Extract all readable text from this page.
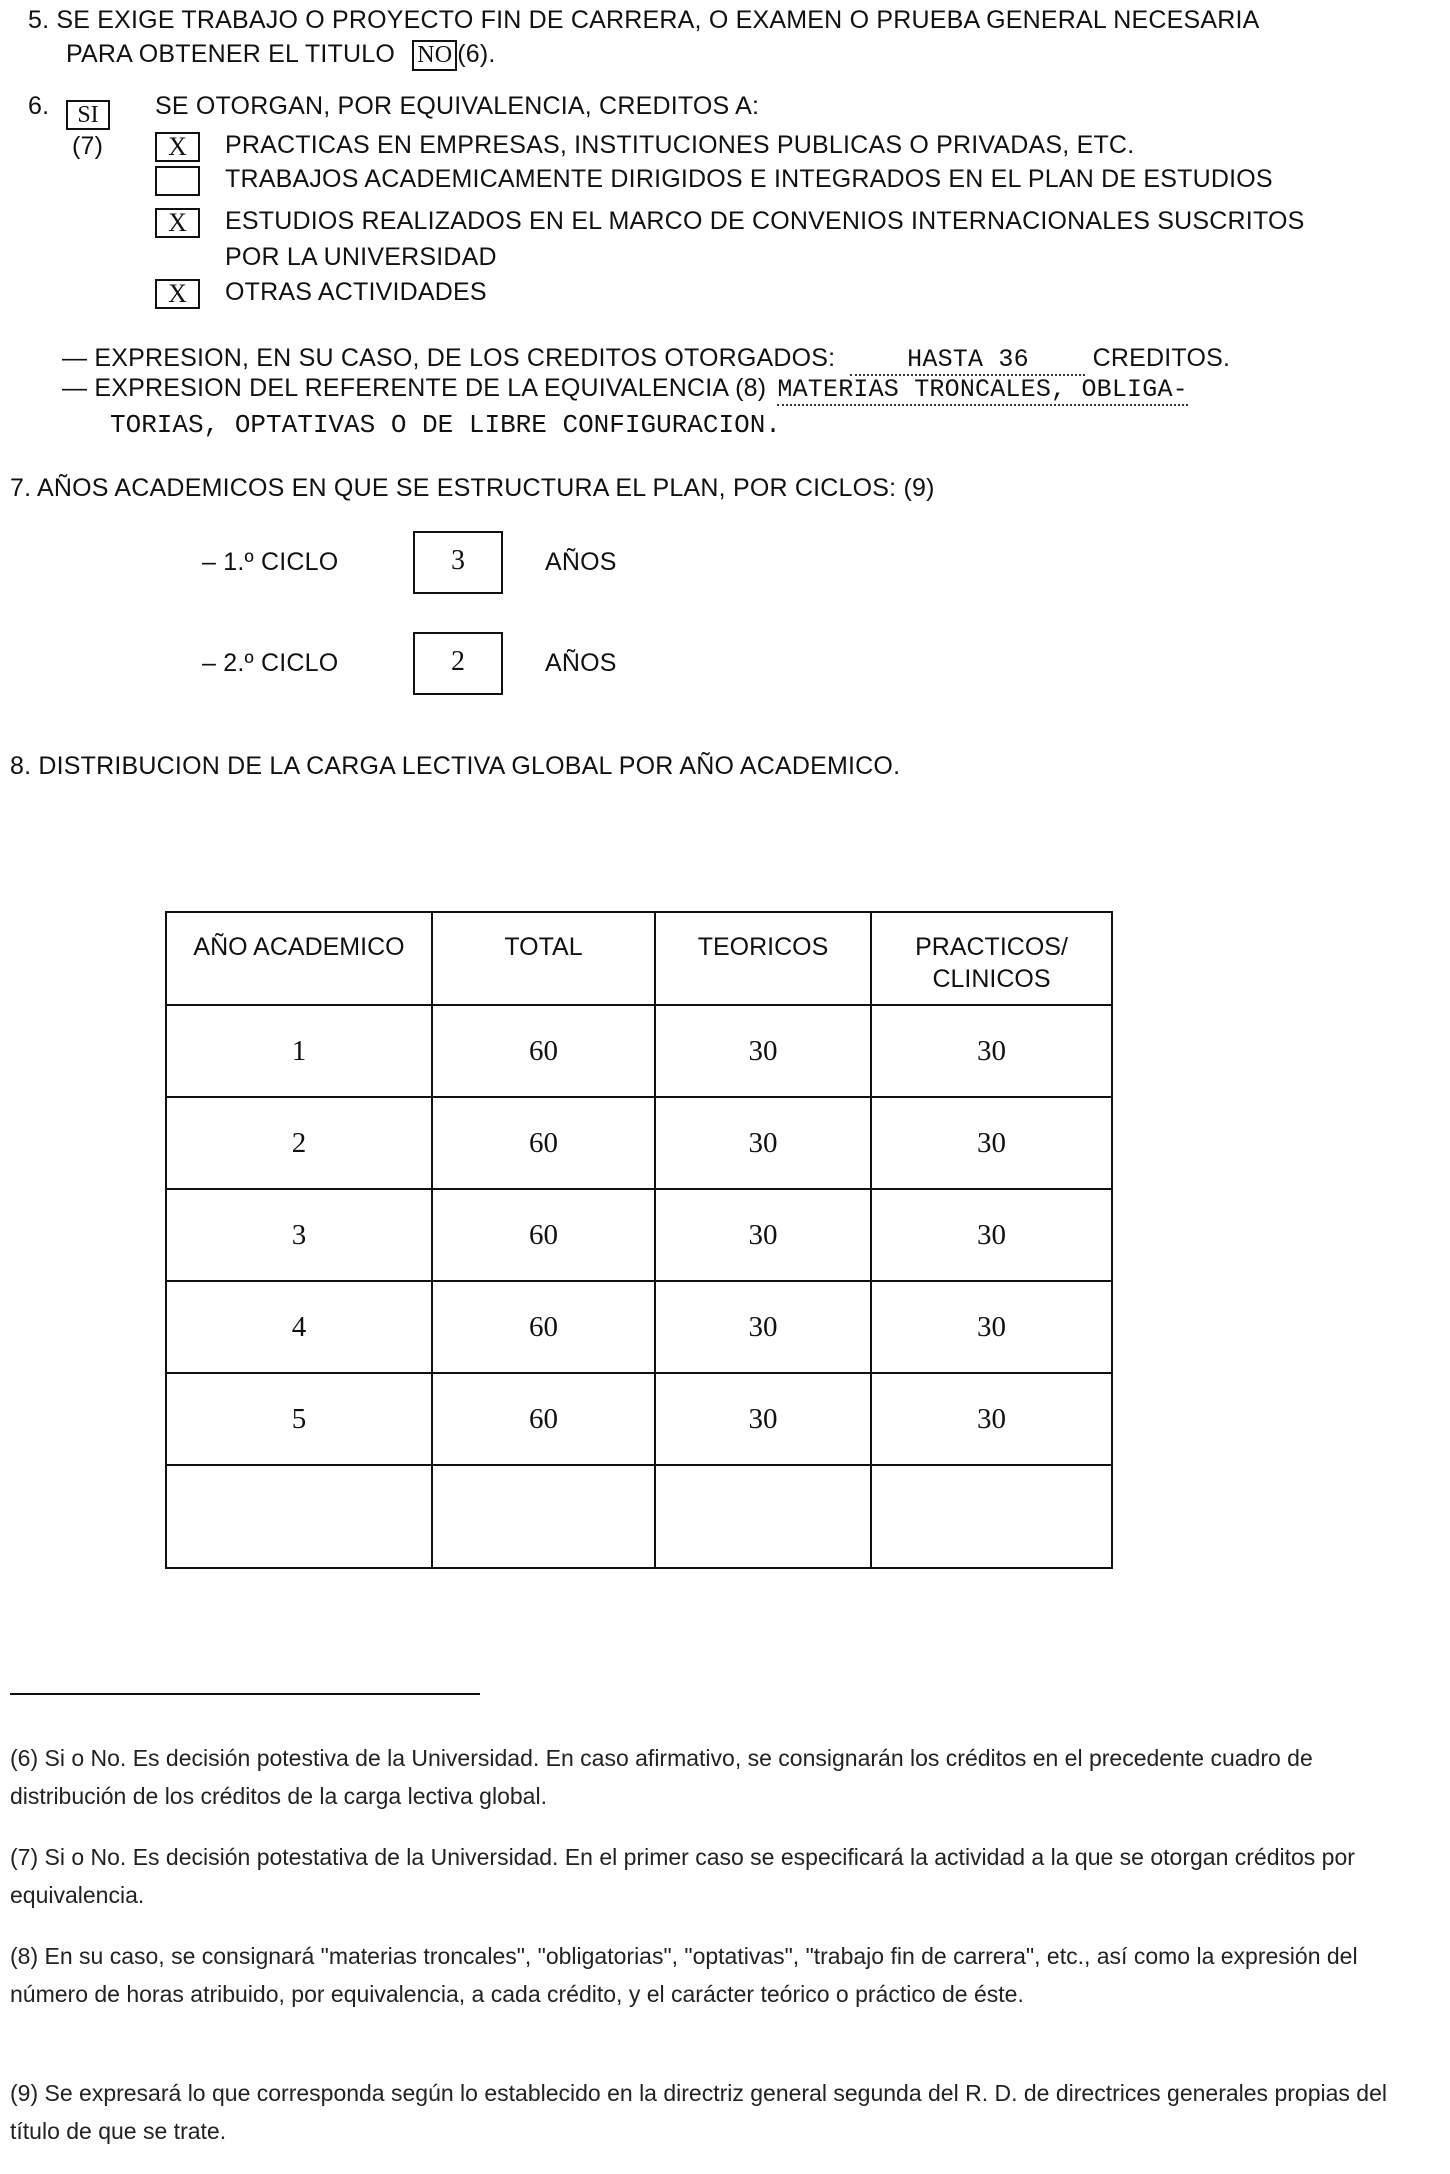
5. SE EXIGE TRABAJO O PROYECTO FIN DE CARRERA, O EXAMEN O PRUEBA GENERAL NECESARIA
PARA OBTENER EL TITULO NO (6).
6.	SI
(7)
SE OTORGAN, POR EQUIVALENCIA, CREDITOS A:
X	PRACTICAS EN EMPRESAS, INSTITUCIONES PUBLICAS O PRIVADAS, ETC.
TRABAJOS ACADEMICAMENTE DIRIGIDOS E INTEGRADOS EN EL PLAN DE ESTUDIOS
X	ESTUDIOS REALIZADOS EN EL MARCO DE CONVENIOS INTERNACIONALES SUSCRITOS
POR LA UNIVERSIDAD
X	OTRAS ACTIVIDADES
— EXPRESION, EN SU CASO, DE LOS CREDITOS OTORGADOS:	HASTA 36	CREDITOS.
— EXPRESION DEL REFERENTE DE LA EQUIVALENCIA (8) MATERIAS TRONCALES, OBLIGA-
TORIAS, OPTATIVAS O DE LIBRE CONFIGURACION.
7. AÑOS ACADEMICOS EN QUE SE ESTRUCTURA EL PLAN, POR CICLOS: (9)
– 1.º CICLO	3	AÑOS
– 2.º CICLO	2	AÑOS
8. DISTRIBUCION DE LA CARGA LECTIVA GLOBAL POR AÑO ACADEMICO.
AÑO ACADEMICO	TOTAL	TEORICOS	PRACTICOS/ CLINICOS
1	60	30	30
2	60	30	30
3	60	30	30
4	60	30	30
5	60	30	30

(6) Si o No. Es decisión potestiva de la Universidad. En caso afirmativo, se consignarán los créditos en el precedente cuadro de distribución de los créditos de la carga lectiva global.
(7) Si o No. Es decisión potestativa de la Universidad. En el primer caso se especificará la actividad a la que se otorgan créditos por equivalencia.
(8) En su caso, se consignará "materias troncales", "obligatorias", "optativas", "trabajo fin de carrera", etc., así como la expresión del número de horas atribuido, por equivalencia, a cada crédito, y el carácter teórico o práctico de éste.
(9) Se expresará lo que corresponda según lo establecido en la directriz general segunda del R. D. de directrices generales propias del título de que se trate.
